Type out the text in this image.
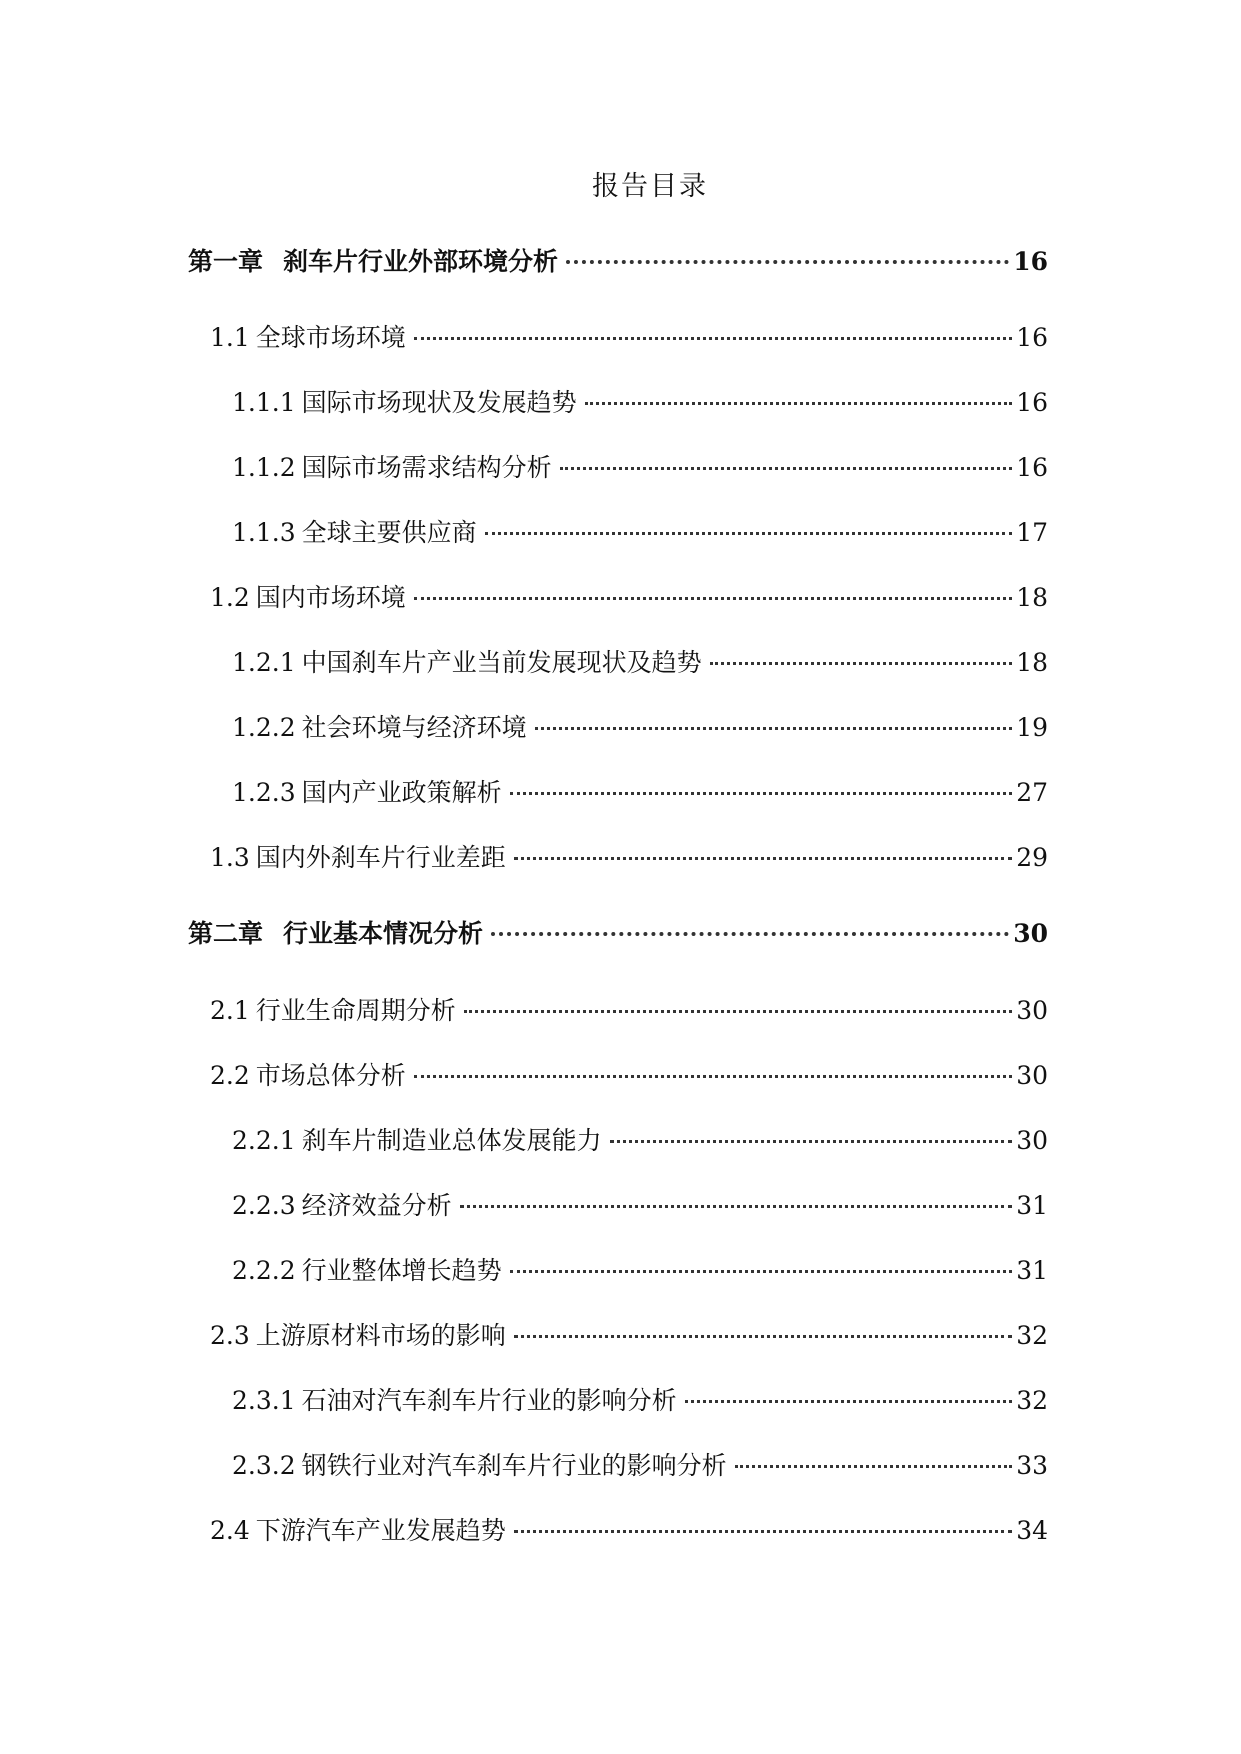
报告目录
第一章 刹车片行业外部环境分析	16
1.1 全球市场环境	16
1.1.1 国际市场现状及发展趋势	16
1.1.2 国际市场需求结构分析	16
1.1.3 全球主要供应商	17
1.2 国内市场环境	18
1.2.1 中国刹车片产业当前发展现状及趋势	18
1.2.2 社会环境与经济环境	19
1.2.3 国内产业政策解析	27
1.3 国内外刹车片行业差距	29
第二章 行业基本情况分析	30
2.1 行业生命周期分析	30
2.2 市场总体分析	30
2.2.1 刹车片制造业总体发展能力	30
2.2.3 经济效益分析	31
2.2.2 行业整体增长趋势	31
2.3 上游原材料市场的影响	32
2.3.1 石油对汽车刹车片行业的影响分析	32
2.3.2 钢铁行业对汽车刹车片行业的影响分析	33
2.4 下游汽车产业发展趋势	34
